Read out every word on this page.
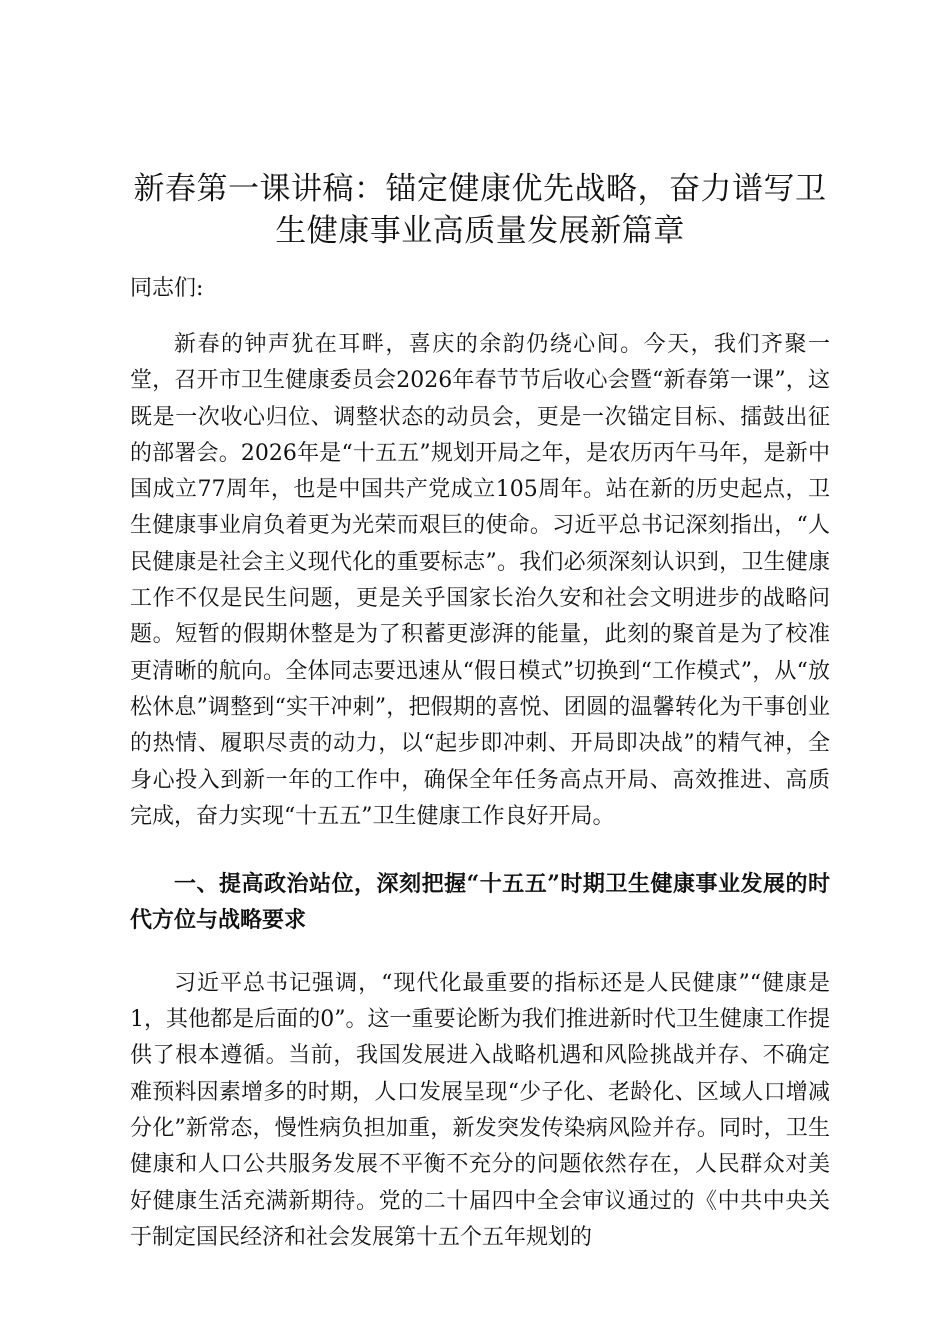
新春第一课讲稿：锚定健康优先战略，奋力谱写卫生健康事业高质量发展新篇章

同志们:

新春的钟声犹在耳畔，喜庆的余韵仍绕心间。今天，我们齐聚一堂，召开市卫生健康委员会2026年春节节后收心会暨“新春第一课”，这既是一次收心归位、调整状态的动员会，更是一次锚定目标、擂鼓出征的部署会。2026年是“十五五”规划开局之年，是农历丙午马年，是新中国成立77周年，也是中国共产党成立105周年。站在新的历史起点，卫生健康事业肩负着更为光荣而艰巨的使命。习近平总书记深刻指出，“人民健康是社会主义现代化的重要标志”。我们必须深刻认识到，卫生健康工作不仅是民生问题，更是关乎国家长治久安和社会文明进步的战略问题。短暂的假期休整是为了积蓄更澎湃的能量，此刻的聚首是为了校准更清晰的航向。全体同志要迅速从“假日模式”切换到“工作模式”，从“放松休息”调整到“实干冲刺”，把假期的喜悦、团圆的温馨转化为干事创业的热情、履职尽责的动力，以“起步即冲刺、开局即决战”的精气神，全身心投入到新一年的工作中，确保全年任务高点开局、高效推进、高质完成，奋力实现“十五五”卫生健康工作良好开局。

一、提高政治站位，深刻把握“十五五”时期卫生健康事业发展的时代方位与战略要求

习近平总书记强调，“现代化最重要的指标还是人民健康”“健康是1，其他都是后面的0”。这一重要论断为我们推进新时代卫生健康工作提供了根本遵循。当前，我国发展进入战略机遇和风险挑战并存、不确定难预料因素增多的时期，人口发展呈现“少子化、老龄化、区域人口增减分化”新常态，慢性病负担加重，新发突发传染病风险并存。同时，卫生健康和人口公共服务发展不平衡不充分的问题依然存在，人民群众对美好健康生活充满新期待。党的二十届四中全会审议通过的《中共中央关于制定国民经济和社会发展第十五个五年规划的
